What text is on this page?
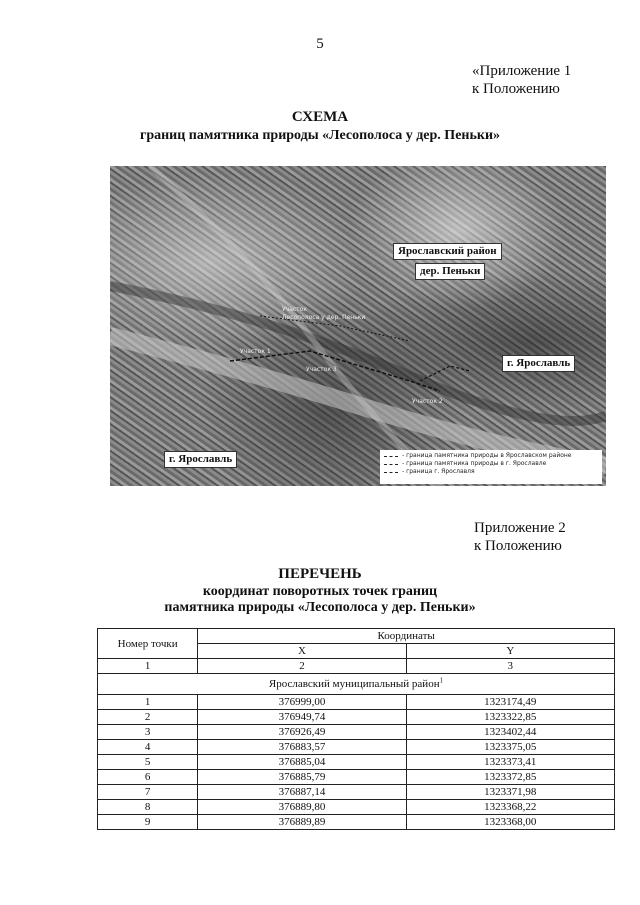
5
«Приложение 1
к Положению
СХЕМА
границ памятника природы «Лесополоса у дер. Пеньки»
Ярославский район
дер. Пеньки
г. Ярославль
г. Ярославль
Участок
Лесополоса у дер. Пеньки
Участок 1
Участок 3
Участок 2
- граница памятника природы в Ярославском районе
- граница памятника природы в г. Ярославле
- граница г. Ярославля
Приложение 2
к Положению
ПЕРЕЧЕНЬ
координат поворотных точек границ
памятника природы «Лесополоса у дер. Пеньки»
Номер точки	Координаты	
	X	Y
1	2	3
Ярославский муниципальный район$^1$
1	376999,00	1323174,49
2	376949,74	1323322,85
3	376926,49	1323402,44
4	376883,57	1323375,05
5	376885,04	1323373,41
6	376885,79	1323372,85
7	376887,14	1323371,98
8	376889,80	1323368,22
9	376889,89	1323368,00
